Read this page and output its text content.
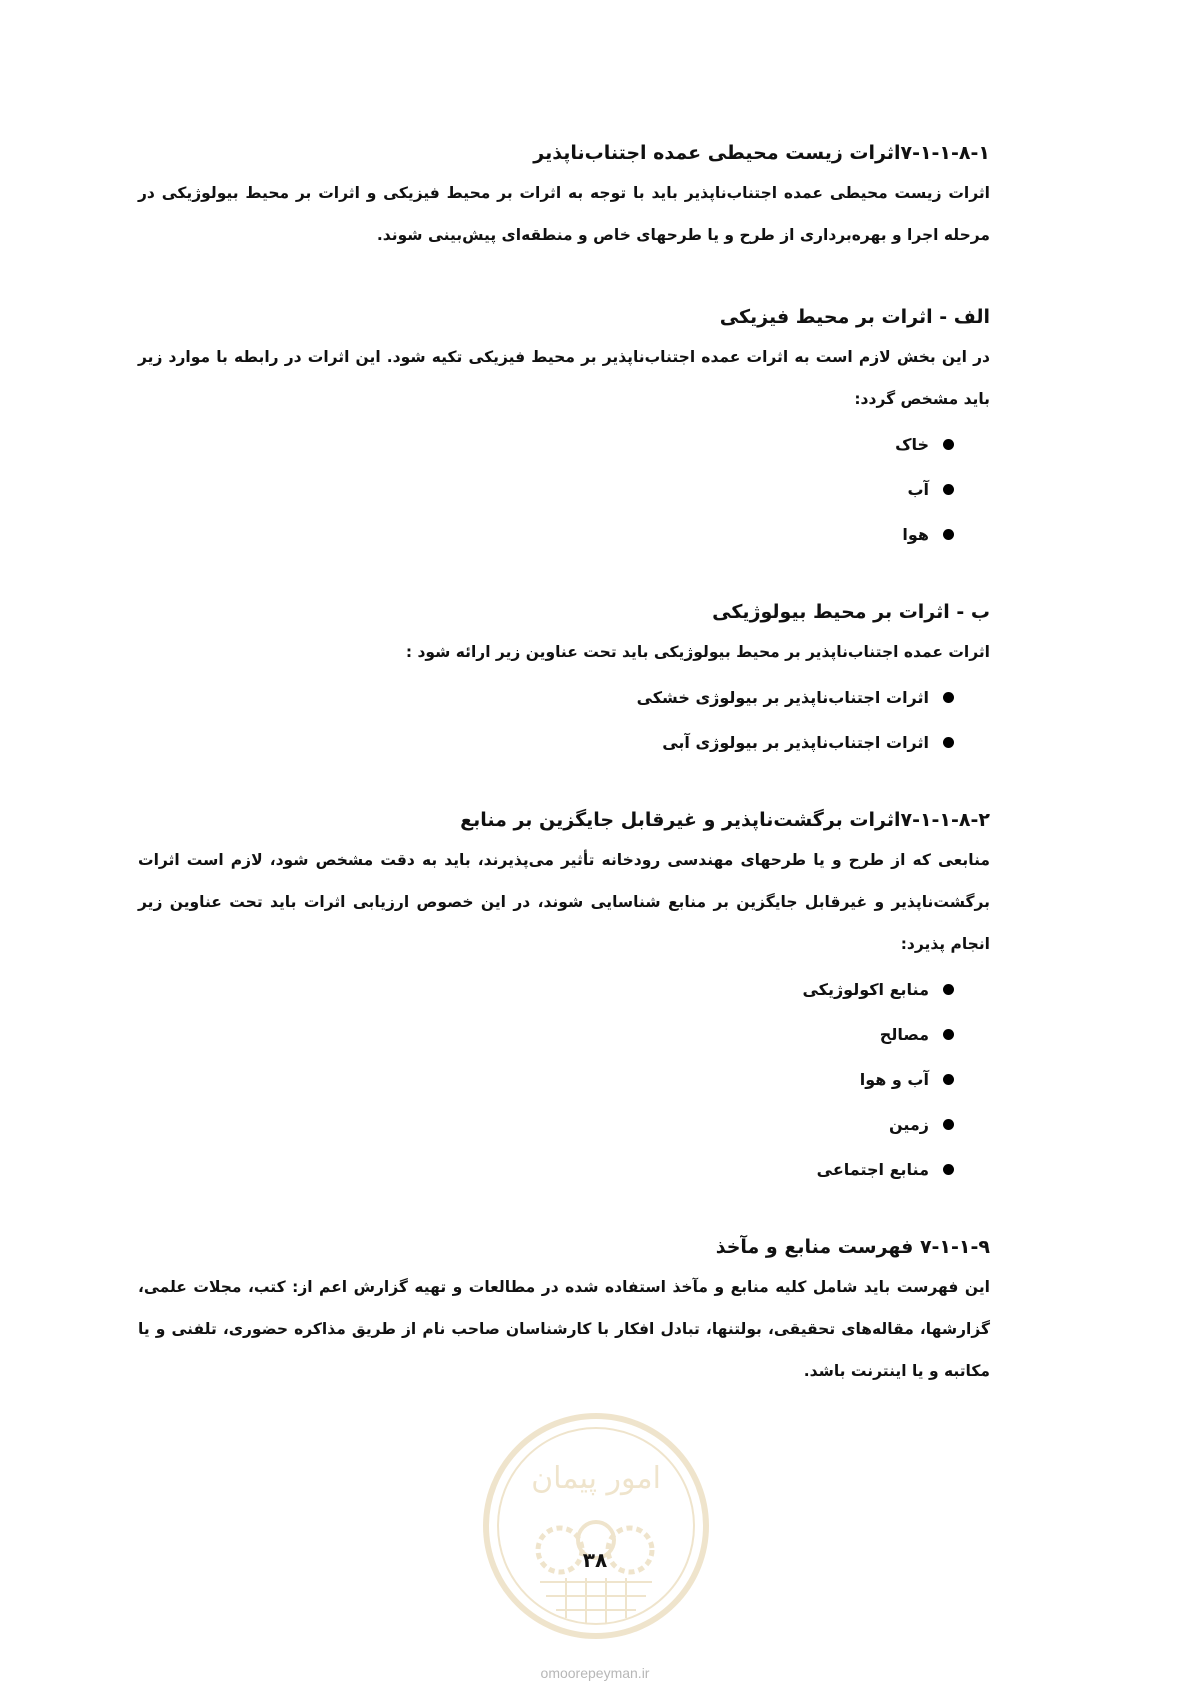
۷-۱-۱-۸-۱اثرات زیست محیطی عمده اجتناب‌ناپذیر

اثرات زیست محیطی عمده اجتناب‌ناپذیر باید با توجه به اثرات بر محیط فیزیکی و اثرات بر محیط بیولوژیکی در مرحله اجرا و بهره‌برداری از طرح و یا طرحهای خاص و منطقه‌ای پیش‌بینی شوند.

الف - اثرات بر محیط فیزیکی

در این بخش لازم است به اثرات عمده اجتناب‌ناپذیر بر محیط فیزیکی تکیه شود. این اثرات در رابطه با موارد زیر باید مشخص گردد:

خاک
آب
هوا

ب - اثرات بر محیط بیولوژیکی

اثرات عمده اجتناب‌ناپذیر بر محیط بیولوژیکی باید تحت عناوین زیر ارائه شود :

اثرات اجتناب‌ناپذیر بر بیولوژی خشکی
اثرات اجتناب‌ناپذیر بر بیولوژی آبی

۷-۱-۱-۸-۲اثرات برگشت‌ناپذیر و غیرقابل جایگزین بر منابع

منابعی که از طرح و یا طرحهای مهندسی رودخانه تأثیر می‌پذیرند، باید به دقت مشخص شود، لازم است اثرات برگشت‌ناپذیر و غیرقابل جایگزین بر منابع شناسایی شوند، در این خصوص ارزیابی اثرات باید تحت عناوین زیر انجام پذیرد:

منابع اکولوژیکی
مصالح
آب و هوا
زمین
منابع اجتماعی

۷-۱-۱-۹ فهرست منابع و مآخذ

این فهرست باید شامل کلیه منابع و مآخذ استفاده شده در مطالعات و تهیه گزارش اعم از: کتب، مجلات علمی، گزارشها، مقاله‌های تحقیقی، بولتنها، تبادل افکار با کارشناسان صاحب نام از طریق مذاکره حضوری، تلفنی و یا مکاتبه و یا اینترنت باشد.

امور پیمان
۳۸
omoorepeyman.ir
